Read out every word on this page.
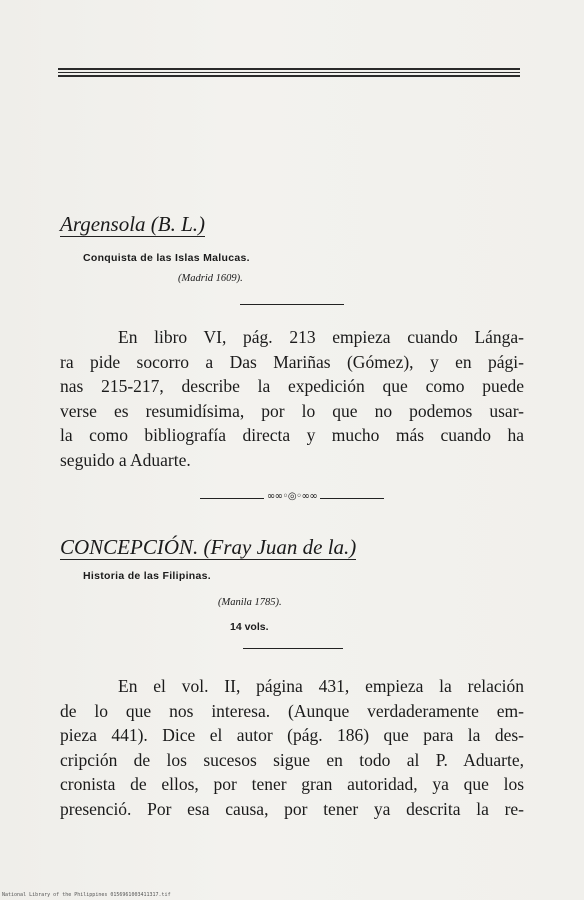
Argensola (B. L.)

Conquista de las Islas Malucas.

(Madrid 1609).

En libro VI, pág. 213 empieza cuando Lánga-
ra pide socorro a Das Mariñas (Gómez), y en pági-
nas 215-217, describe la expedición que como puede
verse es resumidísima, por lo que no podemos usar-
la como bibliografía directa y mucho más cuando ha
seguido a Aduarte.
∞∞◦◎◦∞∞
CONCEPCIÓN. (Fray Juan de la.)

Historia de las Filipinas.

(Manila 1785).

14 vols.

En el vol. II, página 431, empieza la relación
de lo que nos interesa. (Aunque verdaderamente em-
pieza 441). Dice el autor (pág. 186) que para la des-
cripción de los sucesos sigue en todo al P. Aduarte,
cronista de ellos, por tener gran autoridad, ya que los
presenció. Por esa causa, por tener ya descrita la re-

National Library of the Philippines 0156961003411317.tif
